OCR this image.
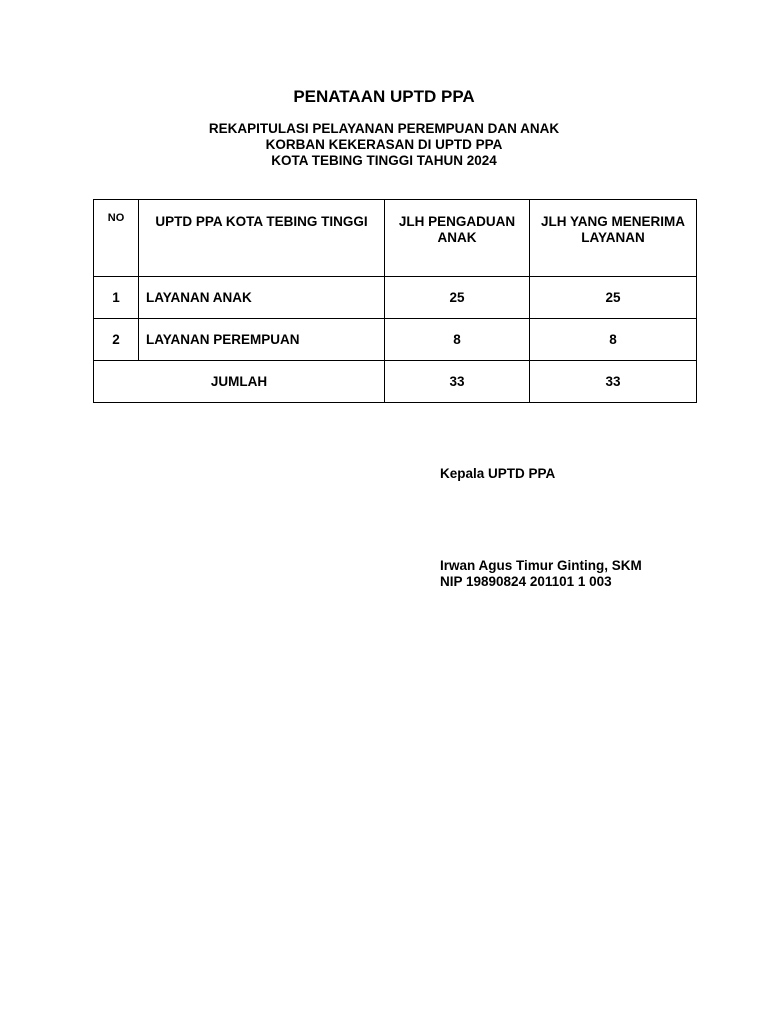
PENATAAN UPTD PPA
REKAPITULASI PELAYANAN PEREMPUAN DAN ANAK
KORBAN KEKERASAN DI UPTD PPA
KOTA TEBING TINGGI TAHUN 2024
NO	UPTD PPA KOTA TEBING TINGGI	JLH PENGADUAN ANAK	JLH YANG MENERIMA LAYANAN
1	LAYANAN ANAK	25	25
2	LAYANAN PEREMPUAN	8	8
JUMLAH		33	33
Kepala UPTD PPA
Irwan Agus Timur Ginting, SKM
NIP 19890824 201101 1 003
